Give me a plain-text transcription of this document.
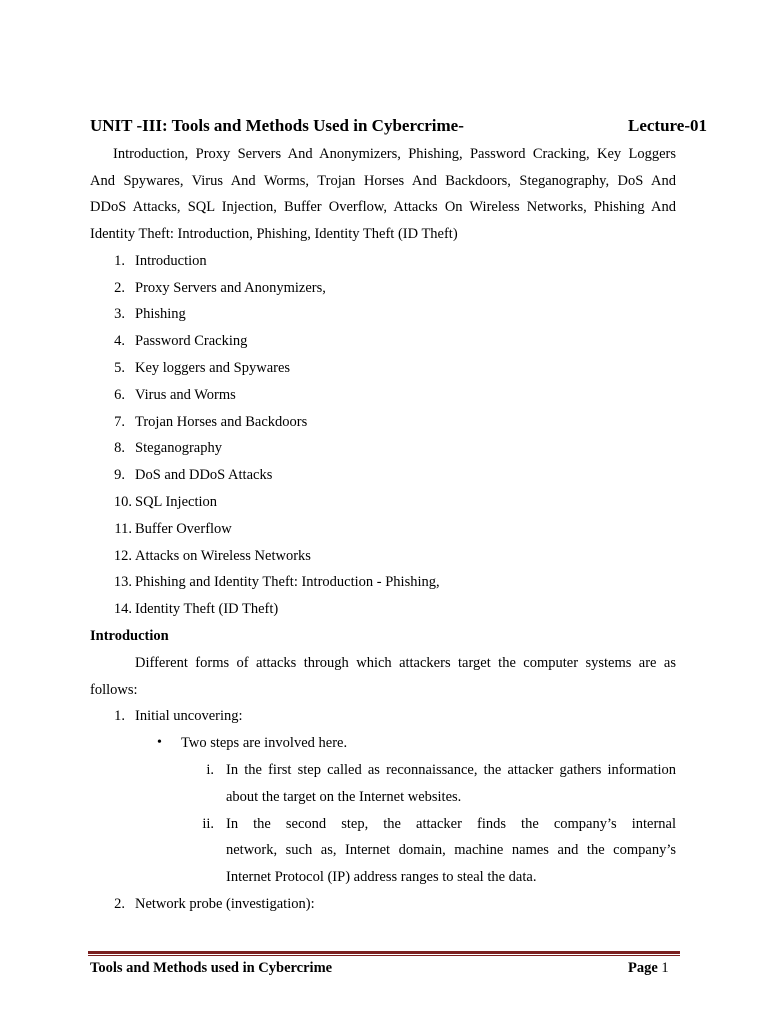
UNIT -III: Tools and Methods Used in Cybercrime-	Lecture-01
Introduction, Proxy Servers And Anonymizers, Phishing, Password Cracking, Key Loggers
And Spywares, Virus And Worms, Trojan Horses And Backdoors, Steganography, DoS And
DDoS Attacks, SQL Injection, Buffer Overflow, Attacks On Wireless Networks, Phishing And
Identity Theft: Introduction, Phishing, Identity Theft (ID Theft)
1. Introduction
2. Proxy Servers and Anonymizers,
3. Phishing
4. Password Cracking
5. Key loggers and Spywares
6. Virus and Worms
7. Trojan Horses and Backdoors
8. Steganography
9. DoS and DDoS Attacks
10. SQL Injection
11. Buffer Overflow
12. Attacks on Wireless Networks
13. Phishing and Identity Theft: Introduction - Phishing,
14. Identity Theft (ID Theft)
Introduction
Different forms of attacks through which attackers target the computer systems are as
follows:
1. Initial uncovering:
• Two steps are involved here.
i. In the first step called as reconnaissance, the attacker gathers information
about the target on the Internet websites.
ii. In the second step, the attacker finds the company’s internal
network, such as, Internet domain, machine names and the company’s
Internet Protocol (IP) address ranges to steal the data.
2. Network probe (investigation):
Tools and Methods used in Cybercrime	Page 1
